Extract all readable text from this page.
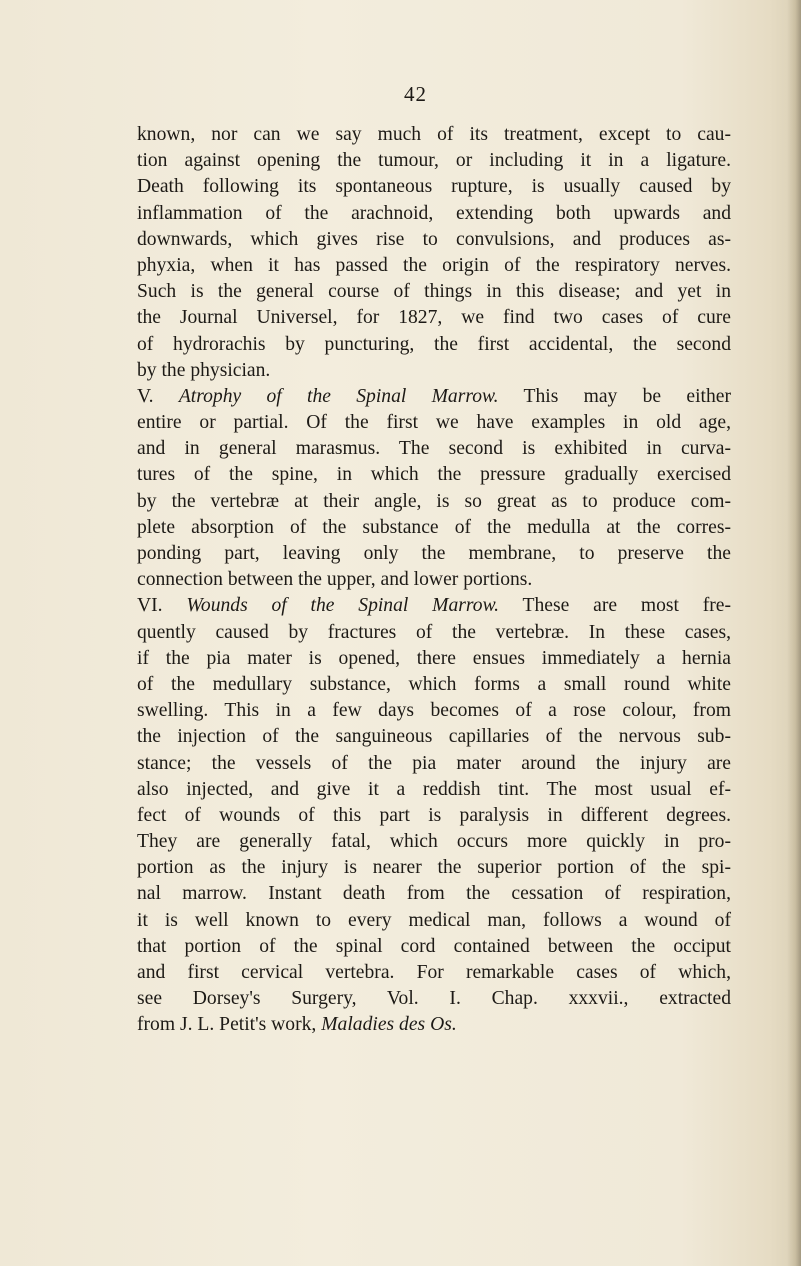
42
known, nor can we say much of its treatment, except to cau-
tion against opening the tumour, or including it in a ligature.
Death following its spontaneous rupture, is usually caused by
inflammation of the arachnoid, extending both upwards and
downwards, which gives rise to convulsions, and produces as-
phyxia, when it has passed the origin of the respiratory nerves.
Such is the general course of things in this disease; and yet in
the Journal Universel, for 1827, we find two cases of cure
of hydrorachis by puncturing, the first accidental, the second
by the physician.
V. Atrophy of the Spinal Marrow. This may be either
entire or partial. Of the first we have examples in old age,
and in general marasmus. The second is exhibited in curva-
tures of the spine, in which the pressure gradually exercised
by the vertebræ at their angle, is so great as to produce com-
plete absorption of the substance of the medulla at the corres-
ponding part, leaving only the membrane, to preserve the
connection between the upper, and lower portions.
VI. Wounds of the Spinal Marrow. These are most fre-
quently caused by fractures of the vertebræ. In these cases,
if the pia mater is opened, there ensues immediately a hernia
of the medullary substance, which forms a small round white
swelling. This in a few days becomes of a rose colour, from
the injection of the sanguineous capillaries of the nervous sub-
stance; the vessels of the pia mater around the injury are
also injected, and give it a reddish tint. The most usual ef-
fect of wounds of this part is paralysis in different degrees.
They are generally fatal, which occurs more quickly in pro-
portion as the injury is nearer the superior portion of the spi-
nal marrow. Instant death from the cessation of respiration,
it is well known to every medical man, follows a wound of
that portion of the spinal cord contained between the occiput
and first cervical vertebra. For remarkable cases of which,
see Dorsey's Surgery, Vol. I. Chap. xxxvii., extracted
from J. L. Petit's work, Maladies des Os.
